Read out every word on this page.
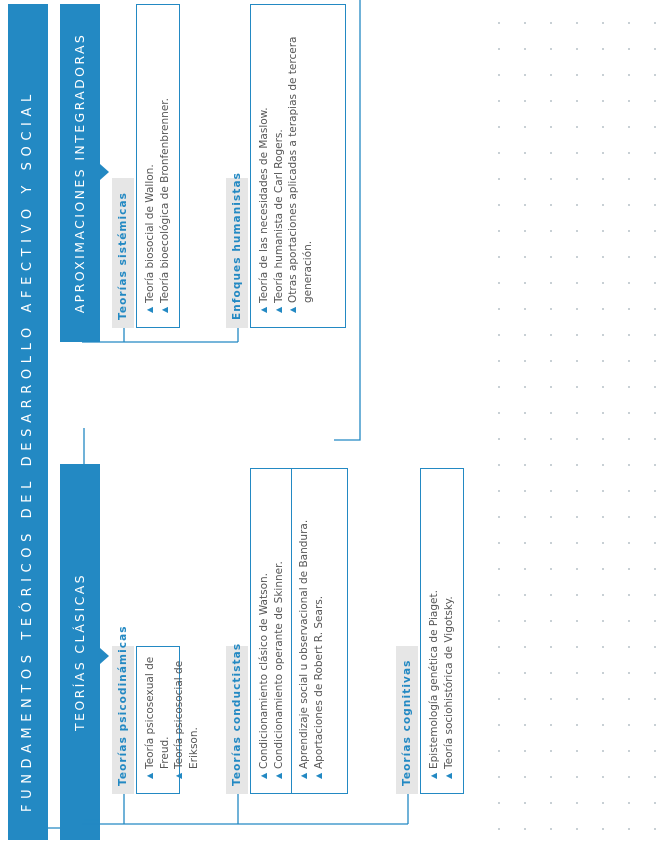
FUNDAMENTOS TEÓRICOS DEL DESARROLLO AFECTIVO Y SOCIAL	TEORÍAS CLÁSICAS
APROXIMACIONES INTEGRADORAS
Teorías psicodinámicas	▲
Teoría psicosexual de Freud.
▲
Teoría psicosocial de Erikson.	Teorías conductistas	▲
Condicionamiento clásico de Watson.
▲
Condicionamiento operante de Skinner.
▲
Aprendizaje social u observacional de Bandura.
▲
Aportaciones de Robert R. Sears.	Teorías cognitivas	▲
Epistemología genética de Piaget.
▲
Teoría sociohistórica de Vigotsky.
Teorías sistémicas	▲
Teoría biosocial de Wallon.
▲
Teoría bioecológica de Bronfenbrenner.	Enfoques humanistas	▲
Teoría de las necesidades de Maslow.
▲
Teoría humanista de Carl Rogers.
▲
Otras aportaciones aplicadas a terapias de tercera generación.
